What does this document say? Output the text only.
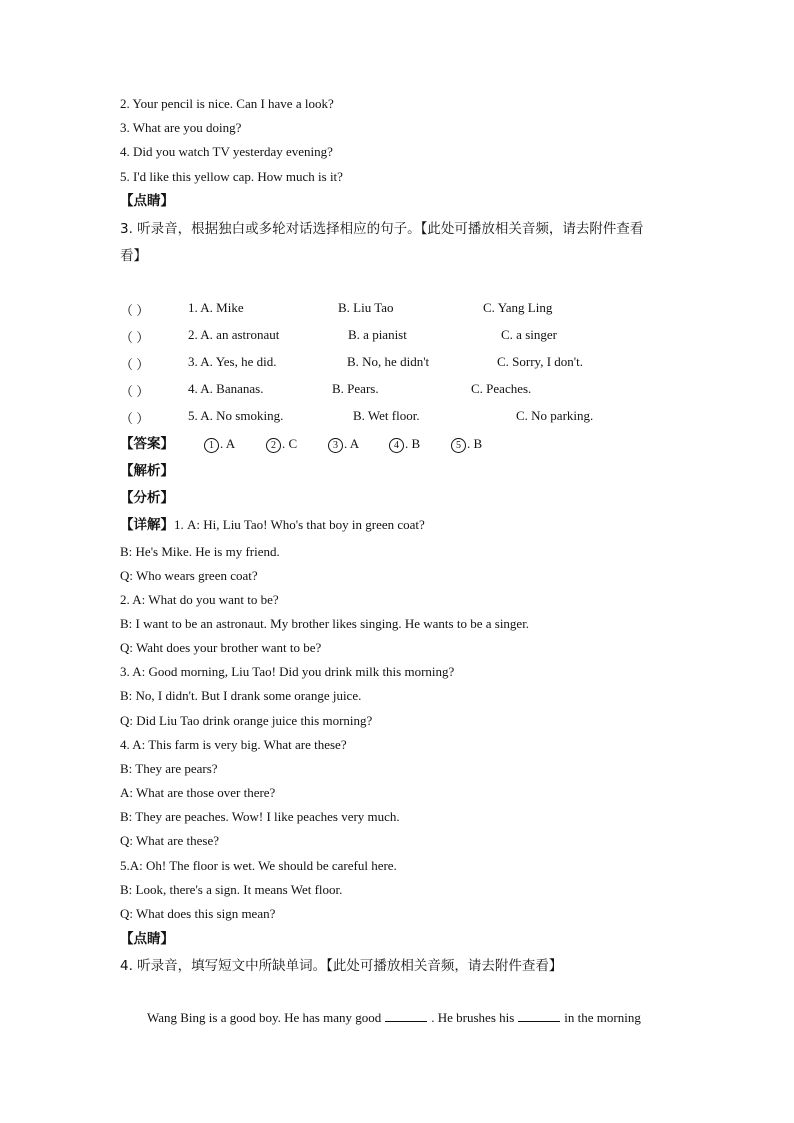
2. Your pencil is nice. Can I have a look?
3. What are you doing?
4. Did you watch TV yesterday evening?
5. I'd like this yellow cap. How much is it?
【点睛】
3. 听录音，根据独白或多轮对话选择相应的句子。【此处可播放相关音频，请去附件查看
看】
（ ）	1. A. Mike	B. Liu Tao	C. Yang Ling
（ ）	2. A. an astronaut	B. a pianist	C. a singer
（ ）	3. A. Yes, he did.	B. No, he didn't	C. Sorry, I don't.
（ ）	4. A. Bananas.	B. Pears.	C. Peaches.
（ ）	5. A. No smoking.	B. Wet floor.	C. No parking.
【答案】	1 . A	2 . C	3 . A	4 . B	5 . B
【解析】
【分析】
【详解】1. A: Hi, Liu Tao! Who's that boy in green coat?
B: He's Mike. He is my friend.
Q: Who wears green coat?
2. A: What do you want to be?
B: I want to be an astronaut. My brother likes singing. He wants to be a singer.
Q: Waht does your brother want to be?
3. A: Good morning, Liu Tao! Did you drink milk this morning?
B: No, I didn't. But I drank some orange juice.
Q: Did Liu Tao drink orange juice this morning?
4. A: This farm is very big. What are these?
B: They are pears?
A: What are those over there?
B: They are peaches. Wow! I like peaches very much.
Q: What are these?
5.A: Oh! The floor is wet. We should be careful here.
B: Look, there's a sign. It means Wet floor.
Q: What does this sign mean?
【点睛】
4. 听录音，填写短文中所缺单词。【此处可播放相关音频，请去附件查看】
Wang Bing is a good boy. He has many good	. He brushes his	in the morning
